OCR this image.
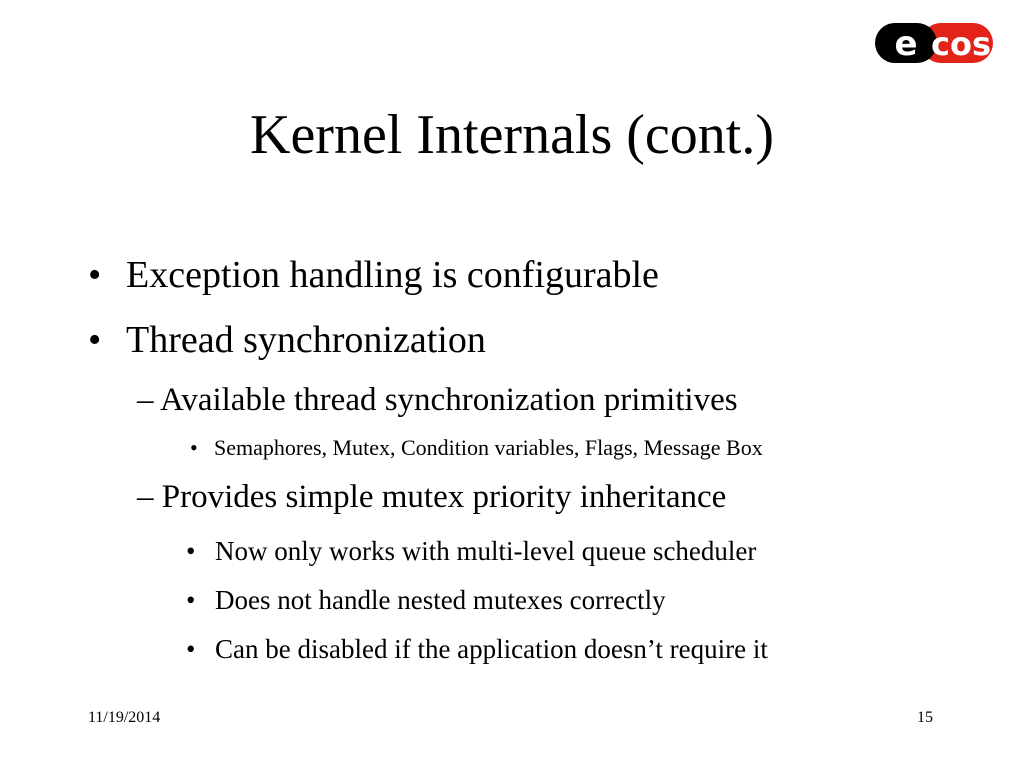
e cos
Kernel Internals (cont.)
• Exception handling is configurable
• Thread synchronization
– Available thread synchronization primitives
• Semaphores, Mutex, Condition variables, Flags, Message Box
– Provides simple mutex priority inheritance
• Now only works with multi-level queue scheduler
• Does not handle nested mutexes correctly
• Can be disabled if the application doesn’t require it
11/19/2014	15
